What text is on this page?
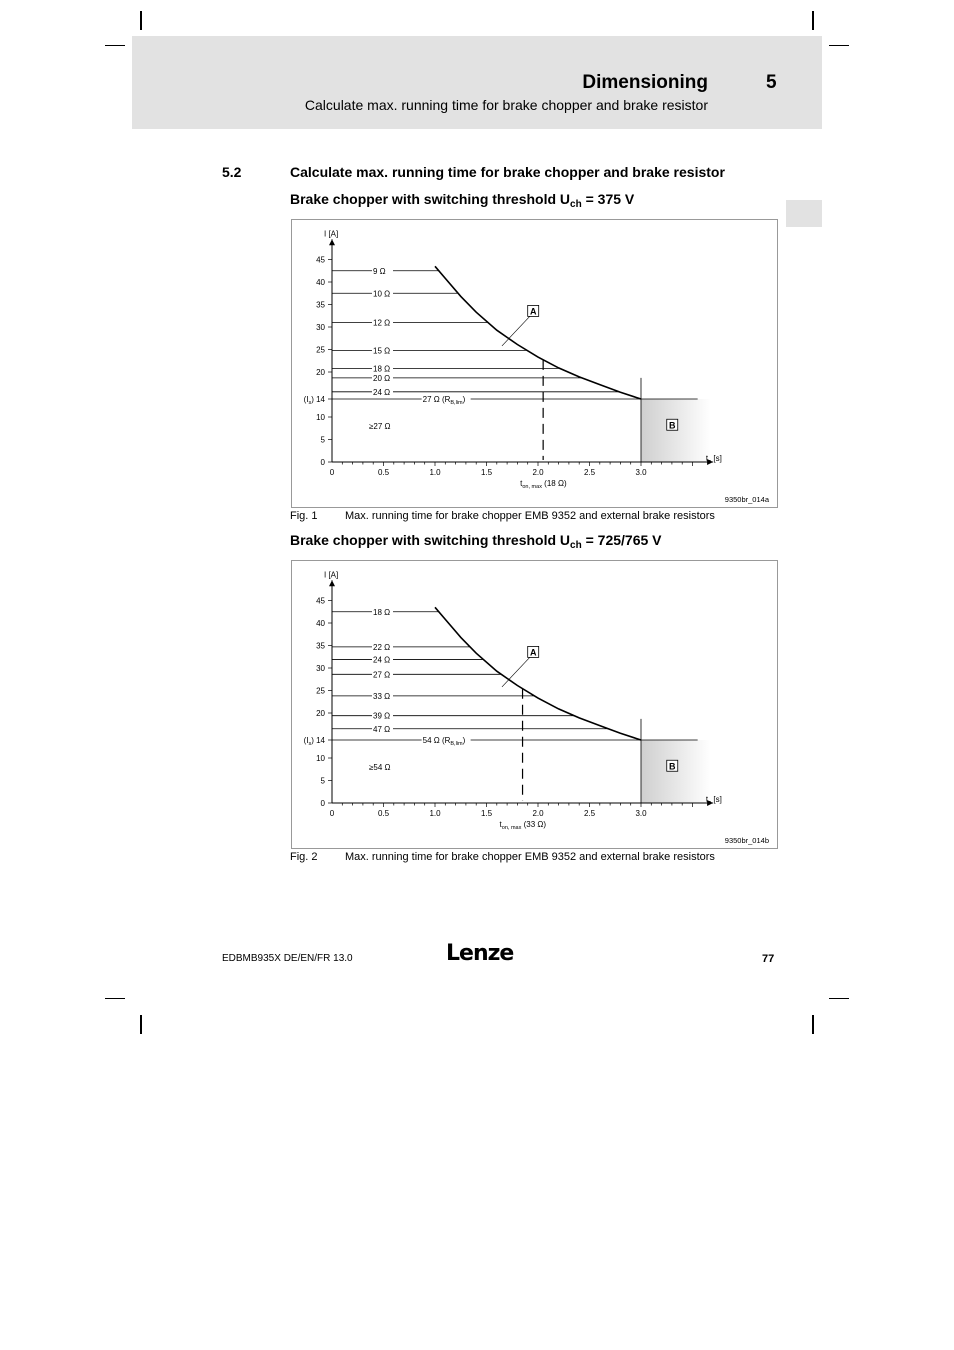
Dimensioning	5
Calculate max. running time for brake chopper and brake resistor
5.2	Calculate max. running time for brake chopper and brake resistor
Brake chopper with switching threshold $U_{ch} = 375$ V
0	0.5	1.0	1.5	2.0	2.5	3.0
0
5
10
$(I_s)$ 14
20
25
30
35
40
45
I [A]
$t_e$ [s]
9 Ω
10 Ω
12 Ω
15 Ω
18 Ω
20 Ω
24 Ω
27 Ω $(R_{B,lim})$
$t_{on, max}$ (18 Ω)
≥27 Ω
A
B
9350br_014a
Fig. 1 Max. running time for brake chopper EMB 9352 and external brake resistors
Brake chopper with switching threshold $U_{ch} = 725/765$ V
0	0.5	1.0	1.5	2.0	2.5	3.0
0
5
10
$(I_s)$ 14
20
25
30
35
40
45
I [A]
$t_e$ [s]
18 Ω
22 Ω
24 Ω
27 Ω
33 Ω
39 Ω
47 Ω
54 Ω $(R_{B,lim})$
$t_{on, max}$ (33 Ω)
≥54 Ω
A
B
9350br_014b
Fig. 2 Max. running time for brake chopper EMB 9352 and external brake resistors
EDBMB935X DE/EN/FR 13.0	Lenze	77
